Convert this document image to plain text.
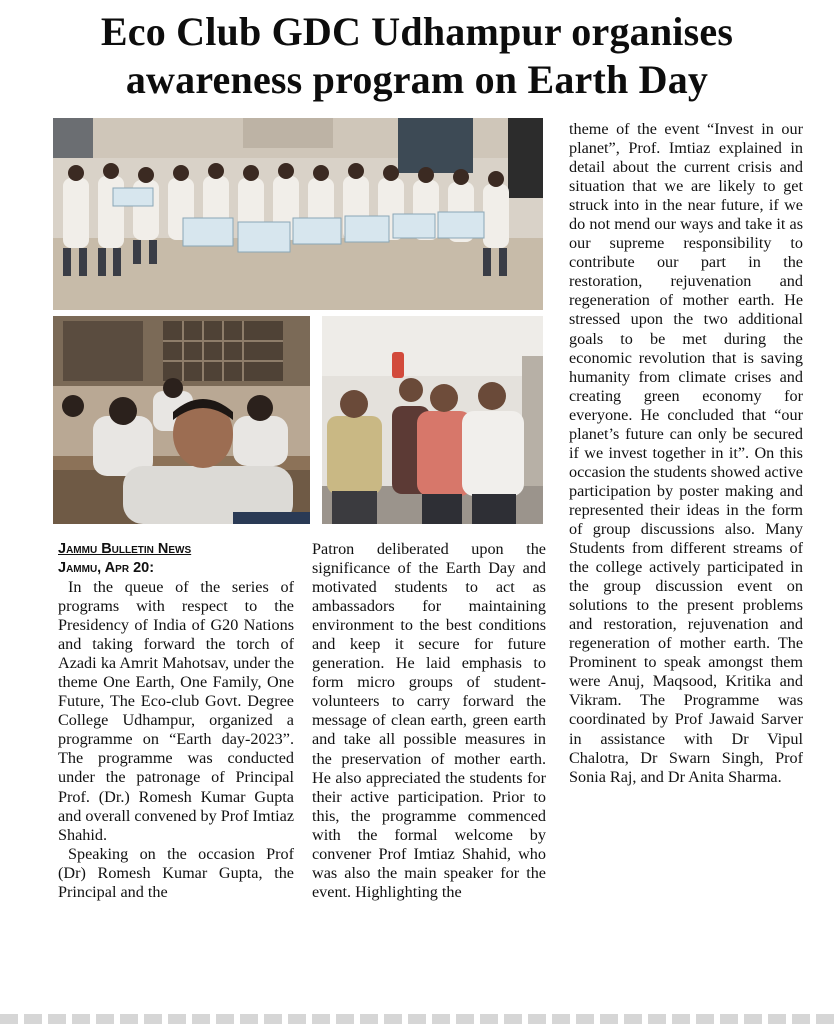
Eco Club GDC Udhampur organises
awareness program on Earth Day
Jammu Bulletin News
Jammu, Apr 20:

In the queue of the series of programs with respect to the Presidency of India of G20 Nations and taking forward the torch of Azadi ka Amrit Mahotsav, under the theme One Earth, One Family, One Future, The Eco-club Govt. Degree College Udhampur, organized a programme on “Earth day-2023”. The programme was conducted under the patronage of Principal Prof. (Dr.) Romesh Kumar Gupta and overall convened by Prof Imtiaz Shahid.

Speaking on the occasion Prof (Dr) Romesh Kumar Gupta, the Principal and the

Patron deliberated upon the significance of the Earth Day and motivated students to act as ambassadors for maintaining environment to the best conditions and keep it secure for future generation. He laid emphasis to form micro groups of student-volunteers to carry forward the message of clean earth, green earth and take all possible measures in the preservation of mother earth. He also appreciated the students for their active participation. Prior to this, the programme commenced with the formal welcome by convener Prof Imtiaz Shahid, who was also the main speaker for the event. Highlighting the

theme of the event “Invest in our planet”, Prof. Imtiaz explained in detail about the current crisis and situation that we are likely to get struck into in the near future, if we do not mend our ways and take it as our supreme responsibility to contribute our part in the restoration, rejuvenation and regeneration of mother earth. He stressed upon the two additional goals to be met during the economic revolution that is saving humanity from climate crises and creating green economy for everyone. He concluded that “our planet’s future can only be secured if we invest together in it”. On this occasion the students showed active participation by poster making and represented their ideas in the form of group discussions also. Many Students from different streams of the college actively participated in the group discussion event on solutions to the present problems and restoration, rejuvenation and regeneration of mother earth. The Prominent to speak amongst them were Anuj, Maqsood, Kritika and Vikram. The Programme was coordinated by Prof Jawaid Sarver in assistance with Dr Vipul Chalotra, Dr Swarn Singh, Prof Sonia Raj, and Dr Anita Sharma.
